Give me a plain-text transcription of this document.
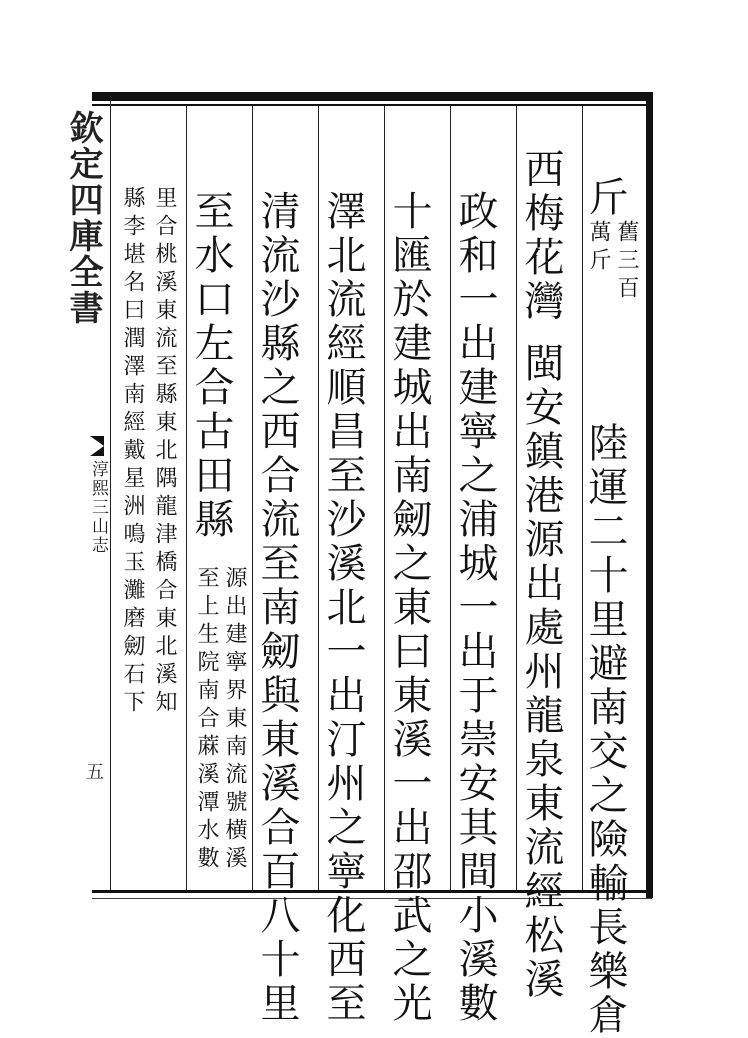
欽定四庫全書
淳熙三山志
五
斤
舊三百
萬斤
陸運二十里避南交之險輸長樂倉
西梅花灣
閩安鎮港源出處州龍泉東流經松溪
政和一出建寧之浦城一出于崇安其間小溪數
十匯於建城出南劒之東曰東溪一出邵武之光
澤北流經順昌至沙溪北一出汀州之寧化西至
清流沙縣之西合流至南劒與東溪合百八十里
至水口左合古田縣
源出建寧界東南流號横溪
至上生院南合蔴溪潭水數
里合桃溪東流至縣東北隅龍津橋合東北溪知
縣李堪名曰潤澤南經戴星洲鳴玉灘磨劒石下
